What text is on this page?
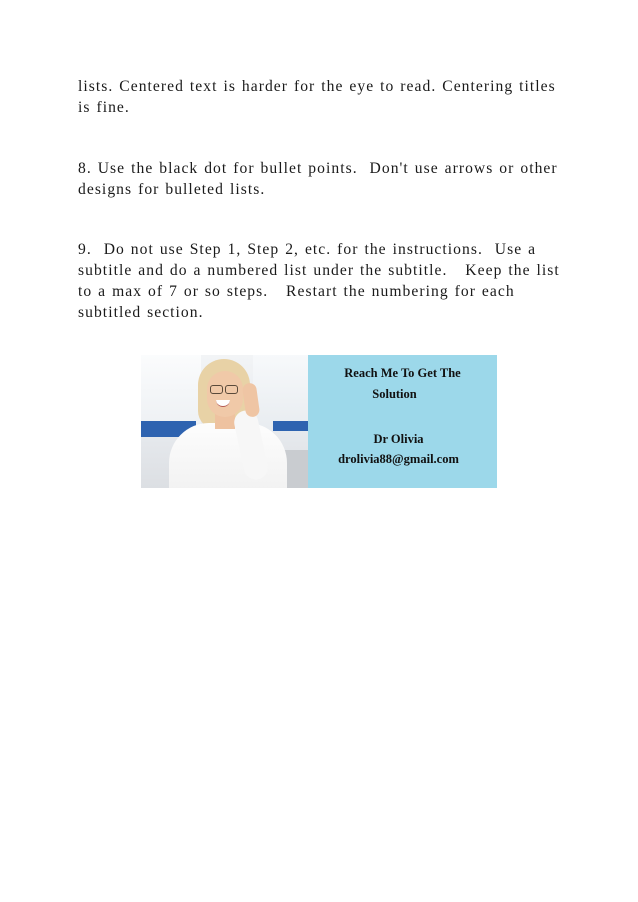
lists. Centered text is harder for the eye to read. Centering titles is fine.

8. Use the black dot for bullet points.  Don't use arrows or other designs for bulleted lists.

9.  Do not use Step 1, Step 2, etc. for the instructions.  Use a subtitle and do a numbered list under the subtitle.   Keep the list to a max of 7 or so steps.   Restart the numbering for each subtitled section.

Reach Me To Get The

Solution

Dr Olivia

drolivia88@gmail.com
